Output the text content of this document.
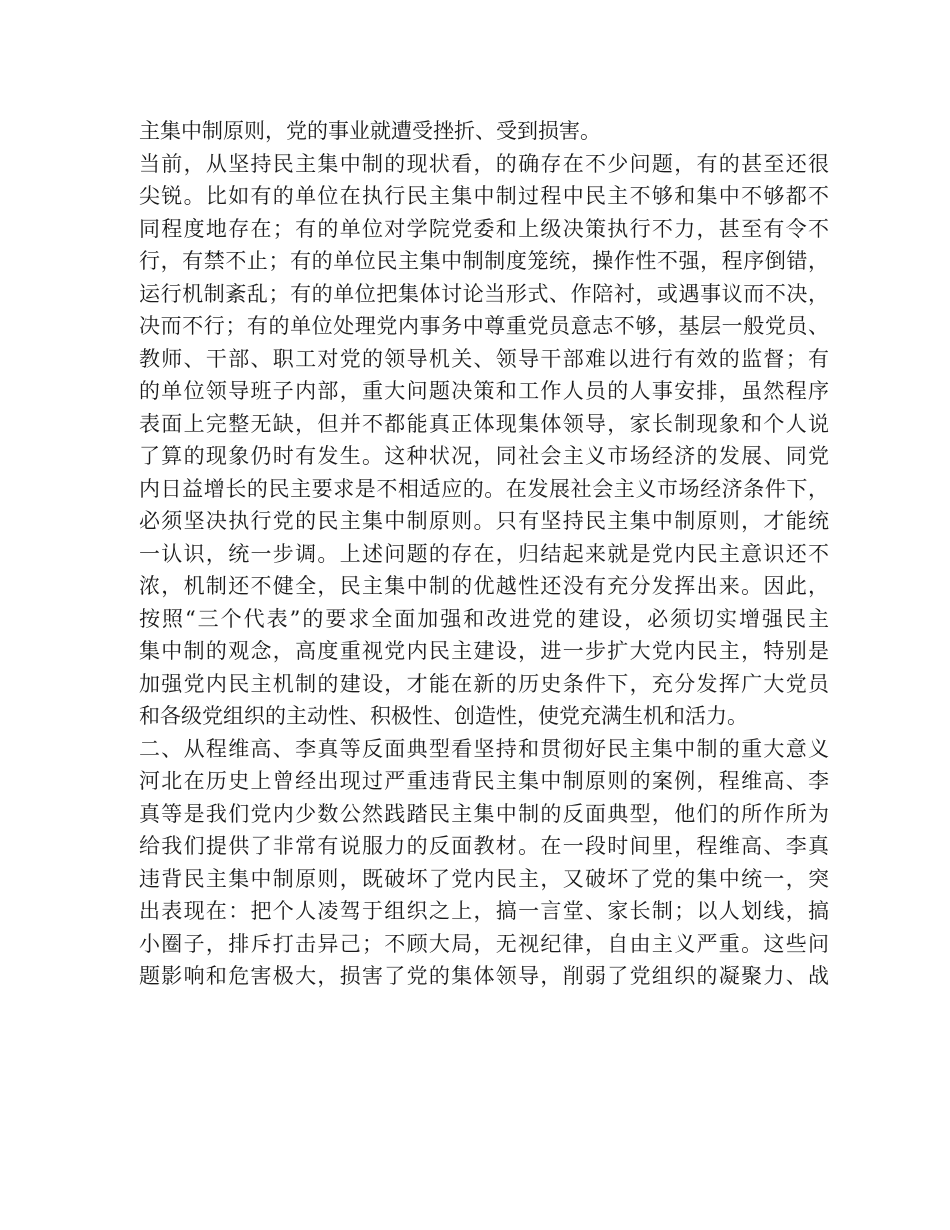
主集中制原则，党的事业就遭受挫折、受到损害。
当前，从坚持民主集中制的现状看，的确存在不少问题，有的甚至还很
尖锐。比如有的单位在执行民主集中制过程中民主不够和集中不够都不
同程度地存在；有的单位对学院党委和上级决策执行不力，甚至有令不
行，有禁不止；有的单位民主集中制制度笼统，操作性不强，程序倒错，
运行机制紊乱；有的单位把集体讨论当形式、作陪衬，或遇事议而不决，
决而不行；有的单位处理党内事务中尊重党员意志不够，基层一般党员、
教师、干部、职工对党的领导机关、领导干部难以进行有效的监督；有
的单位领导班子内部，重大问题决策和工作人员的人事安排，虽然程序
表面上完整无缺，但并不都能真正体现集体领导，家长制现象和个人说
了算的现象仍时有发生。这种状况，同社会主义市场经济的发展、同党
内日益增长的民主要求是不相适应的。在发展社会主义市场经济条件下，
必须坚决执行党的民主集中制原则。只有坚持民主集中制原则，才能统
一认识，统一步调。上述问题的存在，归结起来就是党内民主意识还不
浓，机制还不健全，民主集中制的优越性还没有充分发挥出来。因此，
按照“三个代表”的要求全面加强和改进党的建设，必须切实增强民主
集中制的观念，高度重视党内民主建设，进一步扩大党内民主，特别是
加强党内民主机制的建设，才能在新的历史条件下，充分发挥广大党员
和各级党组织的主动性、积极性、创造性，使党充满生机和活力。
二、从程维高、李真等反面典型看坚持和贯彻好民主集中制的重大意义
河北在历史上曾经出现过严重违背民主集中制原则的案例，程维高、李
真等是我们党内少数公然践踏民主集中制的反面典型，他们的所作所为
给我们提供了非常有说服力的反面教材。在一段时间里，程维高、李真
违背民主集中制原则，既破坏了党内民主，又破坏了党的集中统一，突
出表现在：把个人凌驾于组织之上，搞一言堂、家长制；以人划线，搞
小圈子，排斥打击异己；不顾大局，无视纪律，自由主义严重。这些问
题影响和危害极大，损害了党的集体领导，削弱了党组织的凝聚力、战
